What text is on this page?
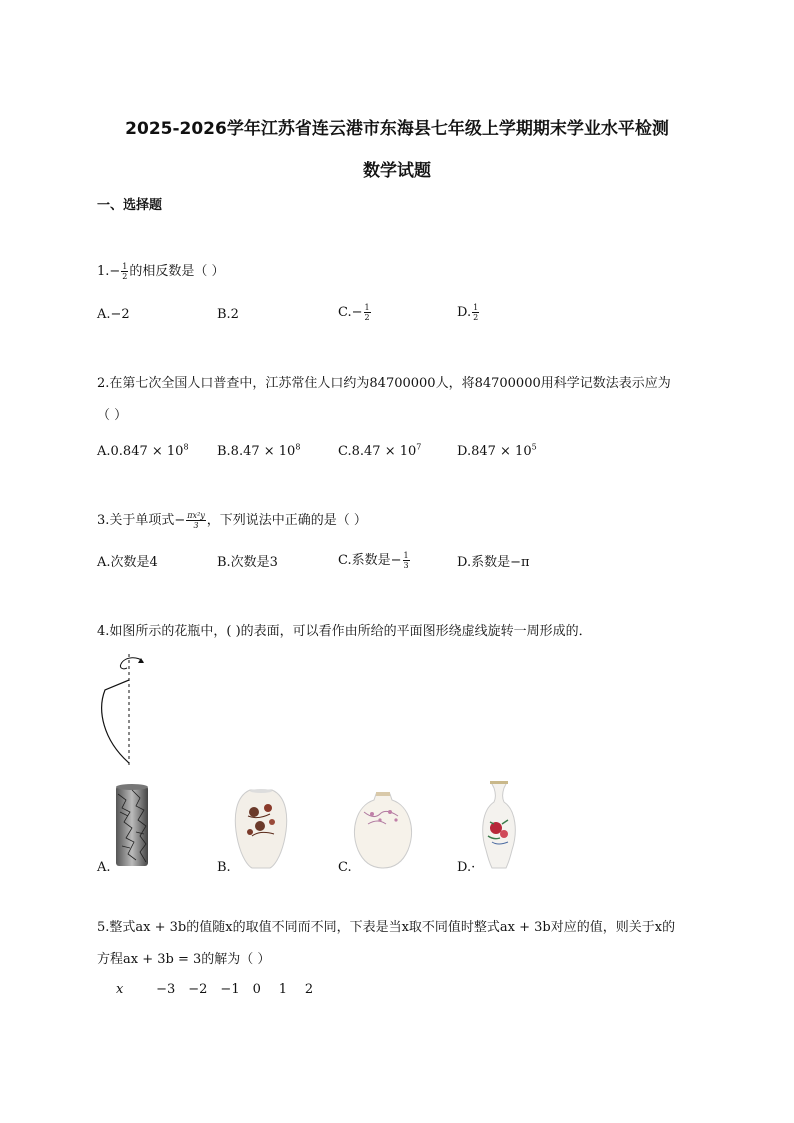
2025-2026学年江苏省连云港市东海县七年级上学期期末学业水平检测
数学试题
一、选择题
$1.- \frac{1}{2}$ 的相反数是（ ）
A.−2	B.2	$C.- \frac{1}{2}$	D. $\frac{1}{2}$
2.在第七次全国人口普查中，江苏常住人口约为84700000人，将84700000用科学记数法表示应为
（ ）
$A.0.847 \times 10^8$ $B.8.47 \times 10^8$	$C.8.47 \times 10^7$	$D.847 \times 10^5$
3.关于单项式− $\frac{\text{πx²y}}{3}$ ，下列说法中正确的是（ ）
A.次数是4	B.次数是3	C.系数是− $\frac{1}{3}$	D.系数是−π
4.如图所示的花瓶中，( )的表面，可以看作由所给的平面图形绕虚线旋转一周形成的．
A.	B.	C.	D.·
5.整式ax + 3b的值随x的取值不同而不同，下表是当x取不同值时整式ax + 3b对应的值，则关于x的
方程ax + 3b = 3的解为（ ）
x	−3 −2 −1 0 1 2
